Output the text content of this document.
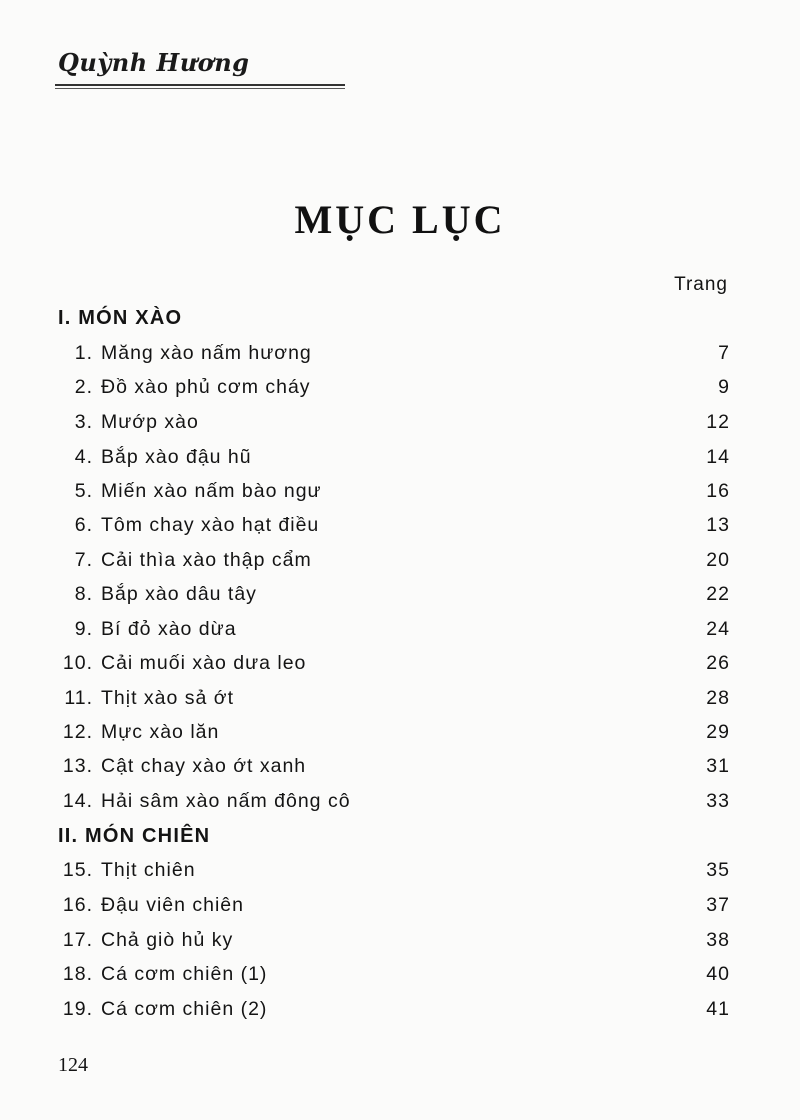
Quỳnh Hương
MỤC LỤC
Trang
I. MÓN XÀO
1. Măng xào nấm hương	7
2. Đồ xào phủ cơm cháy	9
3. Mướp xào	12
4. Bắp xào đậu hũ	14
5. Miến xào nấm bào ngư	16
6. Tôm chay xào hạt điều	13
7. Cải thìa xào thập cẩm	20
8. Bắp xào dâu tây	22
9. Bí đỏ xào dừa	24
10. Cải muối xào dưa leo	26
11. Thịt xào sả ớt	28
12. Mực xào lăn	29
13. Cật chay xào ớt xanh	31
14. Hải sâm xào nấm đông cô	33
II. MÓN CHIÊN
15. Thịt chiên	35
16. Đậu viên chiên	37
17. Chả giò hủ ky	38
18. Cá cơm chiên (1)	40
19. Cá cơm chiên (2)	41
124
